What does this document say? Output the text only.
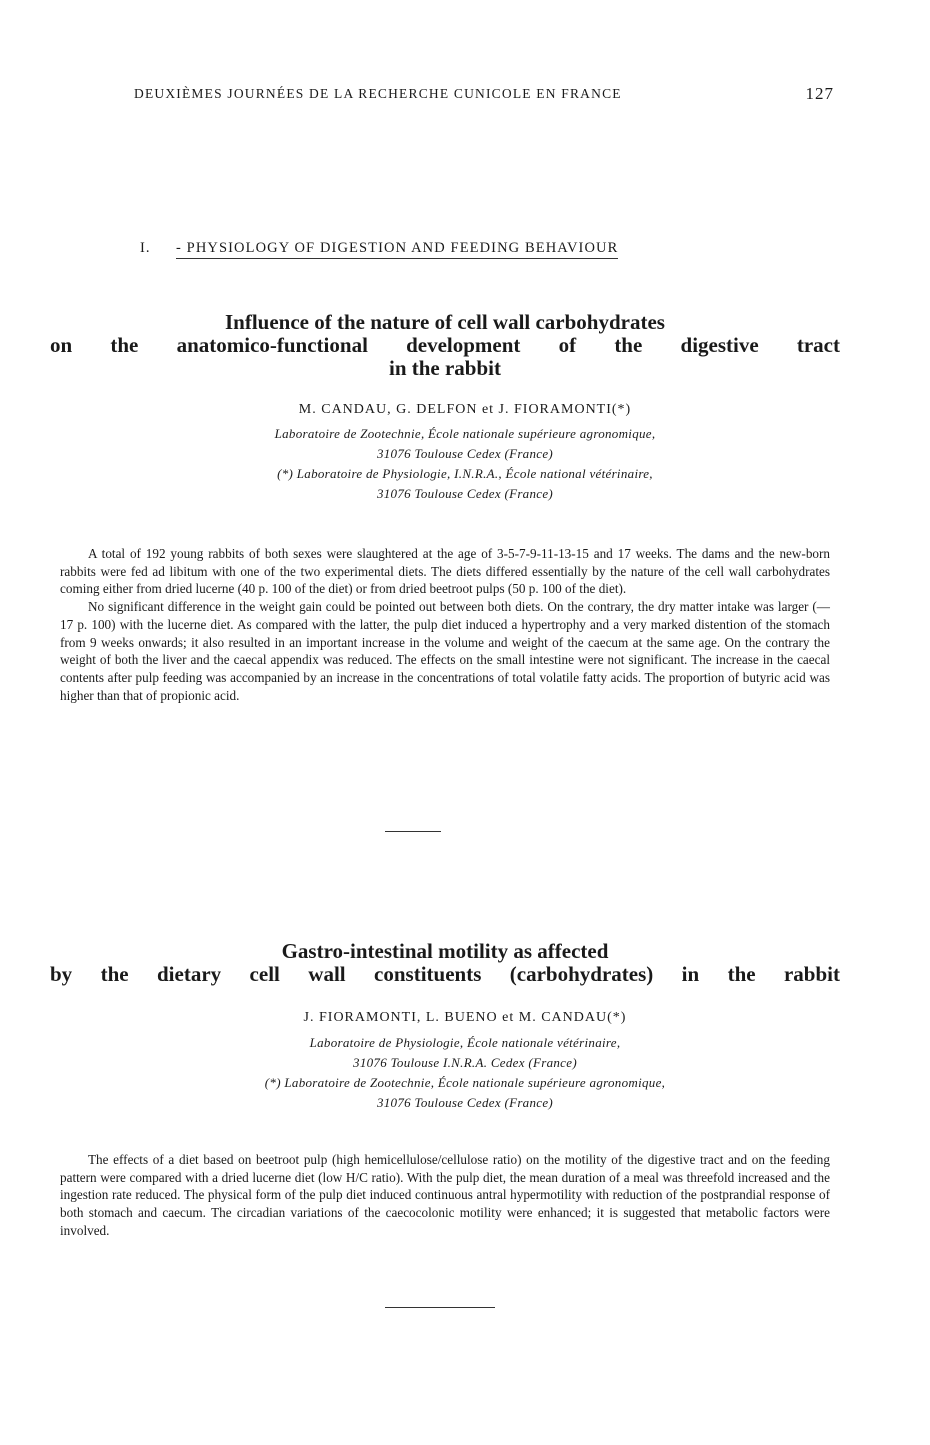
DEUXIÈMES JOURNÉES DE LA RECHERCHE CUNICOLE EN FRANCE	127
I. - PHYSIOLOGY OF DIGESTION AND FEEDING BEHAVIOUR
Influence of the nature of cell wall carbohydrates
on the anatomico-functional development of the digestive tract
in the rabbit
M. CANDAU, G. DELFON et J. FIORAMONTI(*)
Laboratoire de Zootechnie, École nationale supérieure agronomique,
31076 Toulouse Cedex (France)
(*) Laboratoire de Physiologie, I.N.R.A., École national vétérinaire,
31076 Toulouse Cedex (France)

A total of 192 young rabbits of both sexes were slaughtered at the age of 3-5-7-9-11-13-15 and 17 weeks. The dams and the new-born rabbits were fed ad libitum with one of the two experimental diets. The diets differed essentially by the nature of the cell wall carbohydrates coming either from dried lucerne (40 p. 100 of the diet) or from dried beetroot pulps (50 p. 100 of the diet).

No significant difference in the weight gain could be pointed out between both diets. On the contrary, the dry matter intake was larger (— 17 p. 100) with the lucerne diet. As compared with the latter, the pulp diet induced a hypertrophy and a very marked distention of the stomach from 9 weeks onwards; it also resulted in an important increase in the volume and weight of the caecum at the same age. On the contrary the weight of both the liver and the caecal appendix was reduced. The effects on the small intestine were not significant. The increase in the caecal contents after pulp feeding was accompanied by an increase in the concentrations of total volatile fatty acids. The proportion of butyric acid was higher than that of propionic acid.

Gastro-intestinal motility as affected
by the dietary cell wall constituents (carbohydrates) in the rabbit
J. FIORAMONTI, L. BUENO et M. CANDAU(*)
Laboratoire de Physiologie, École nationale vétérinaire,
31076 Toulouse I.N.R.A. Cedex (France)
(*) Laboratoire de Zootechnie, École nationale supérieure agronomique,
31076 Toulouse Cedex (France)

The effects of a diet based on beetroot pulp (high hemicellulose/cellulose ratio) on the motility of the digestive tract and on the feeding pattern were compared with a dried lucerne diet (low H/C ratio). With the pulp diet, the mean duration of a meal was threefold increased and the ingestion rate reduced. The physical form of the pulp diet induced continuous antral hypermotility with reduction of the postprandial response of both stomach and caecum. The circadian variations of the caecocolonic motility were enhanced; it is suggested that metabolic factors were involved.
